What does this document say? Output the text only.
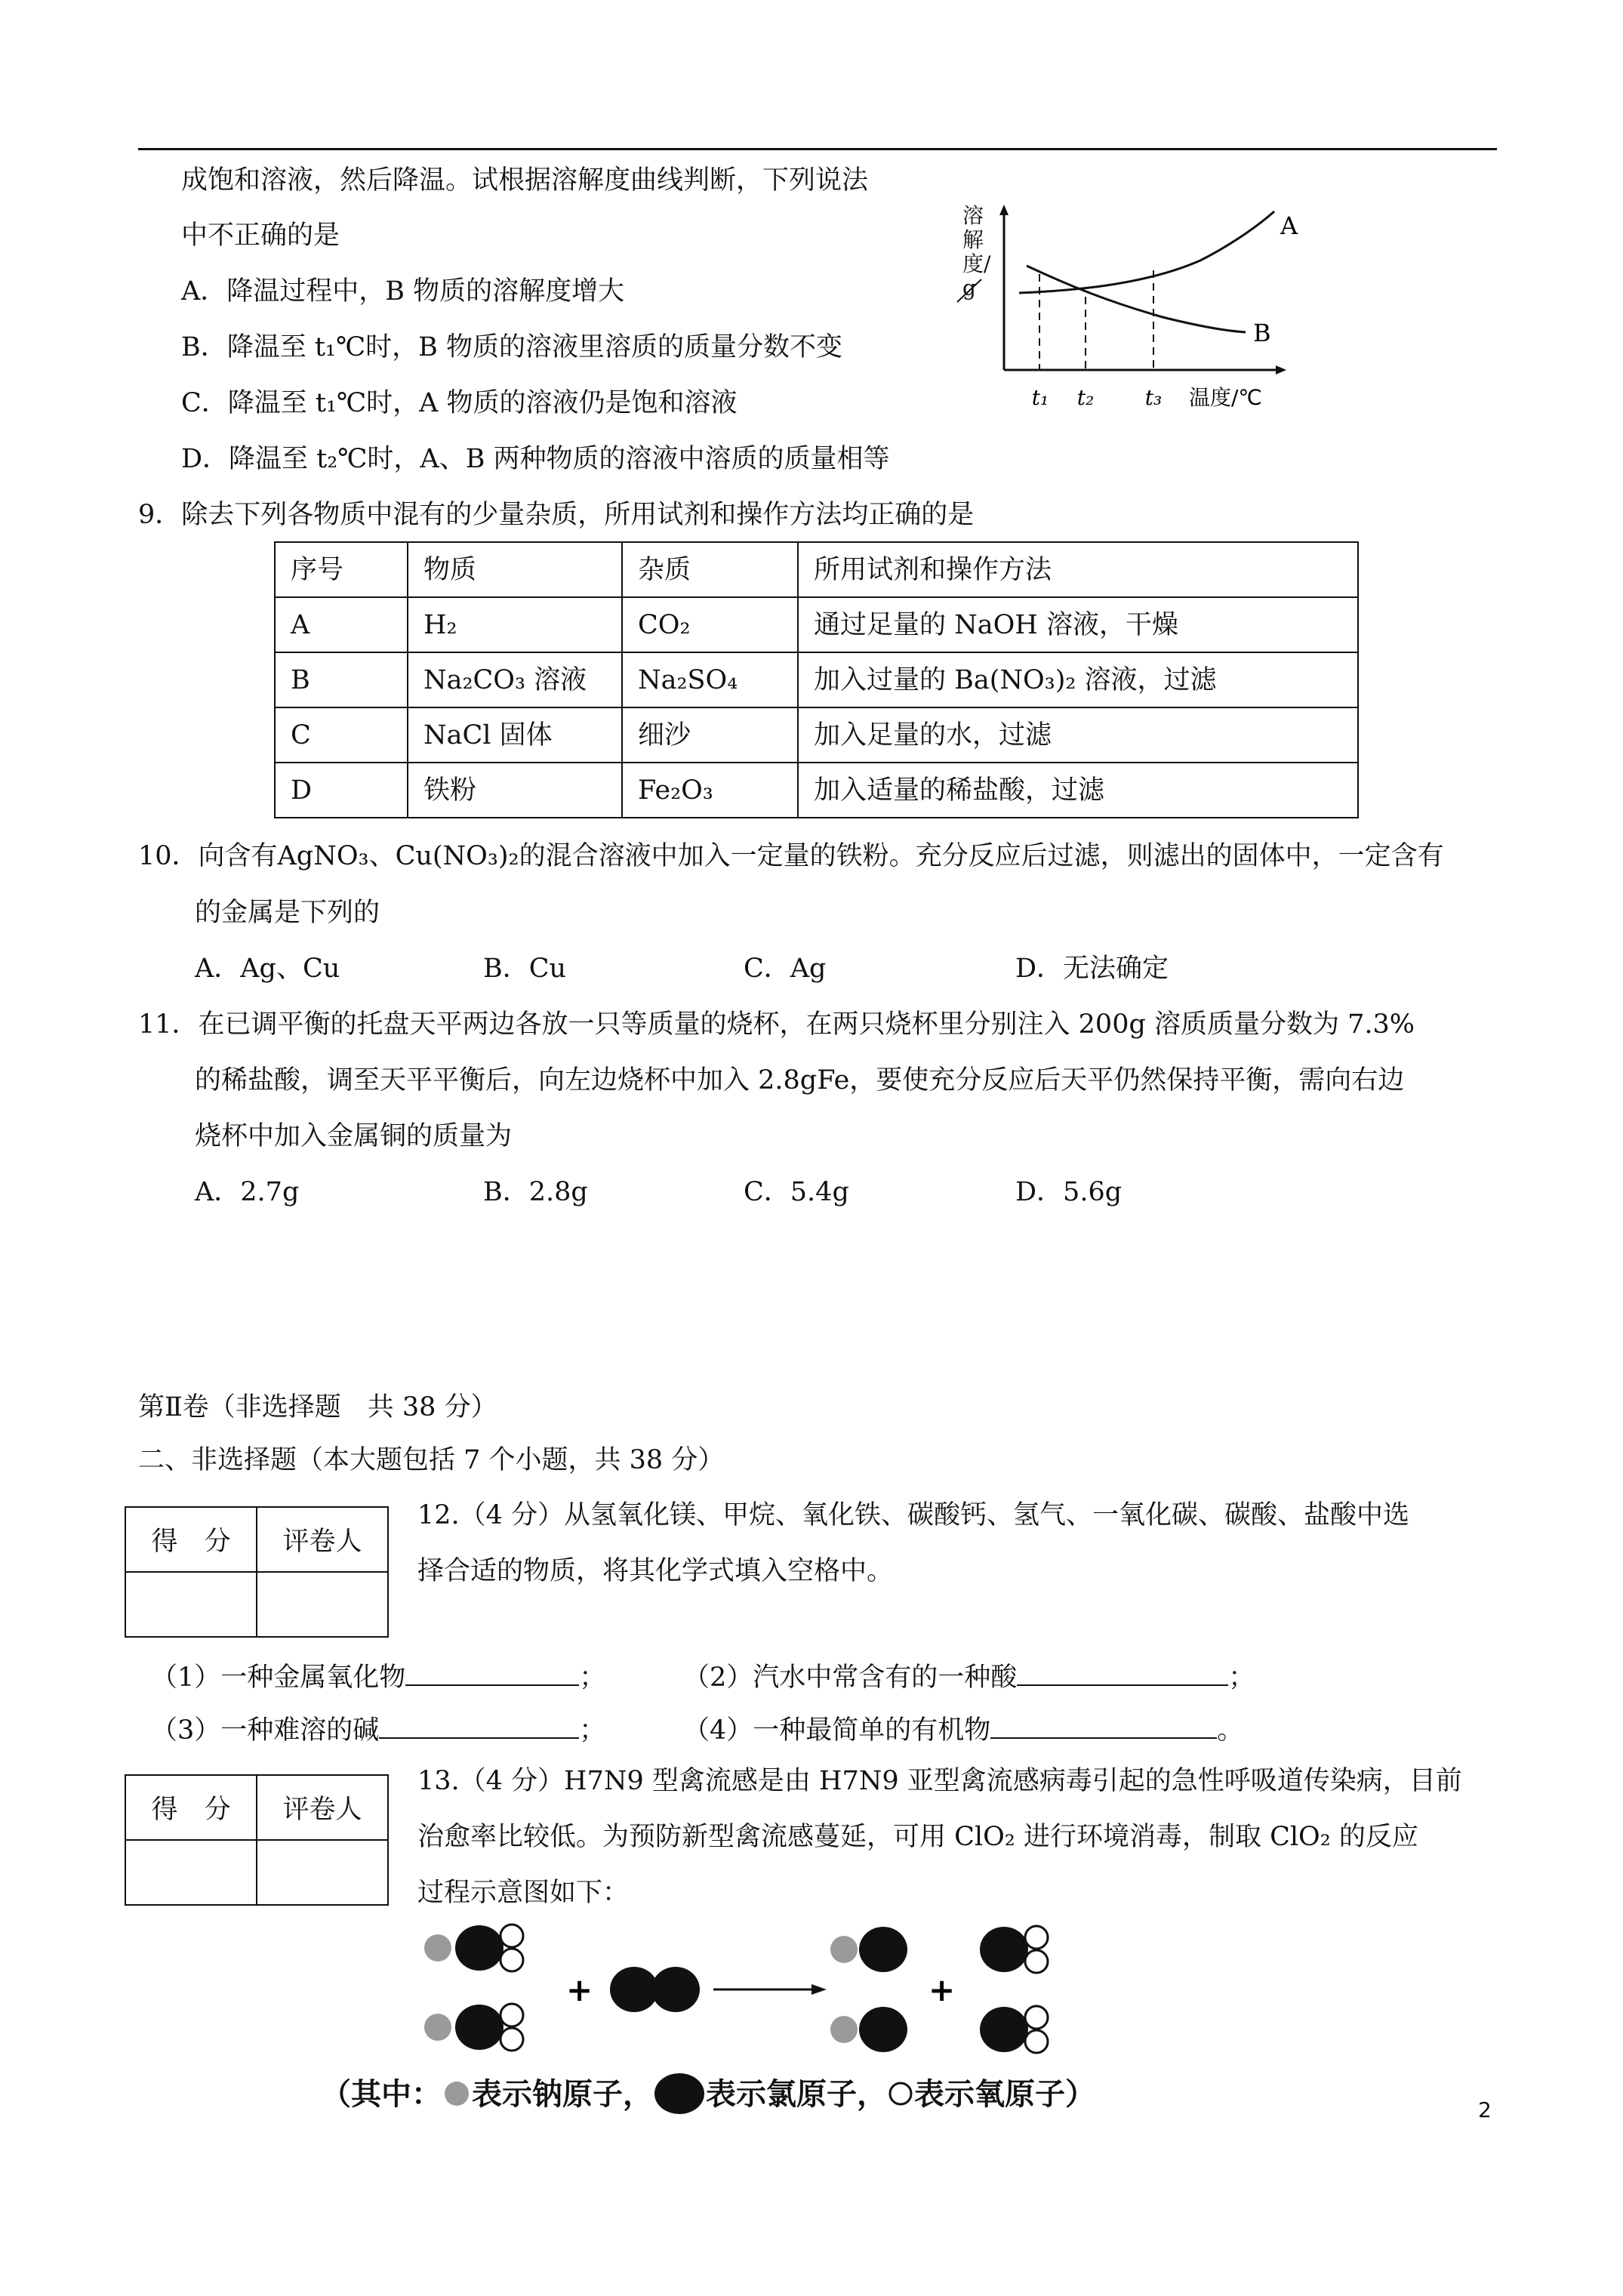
成饱和溶液，然后降温。试根据溶解度曲线判断，下列说法
中不正确的是
A．降温过程中，B 物质的溶解度增大
B．降温至 t₁℃时，B 物质的溶液里溶质的质量分数不变
C．降温至 t₁℃时，A 物质的溶液仍是饱和溶液
D．降温至 t₂℃时，A、B 两种物质的溶液中溶质的质量相等
A
B
t₁ t₂ t₃ 温度/℃
溶解度/g
9．除去下列各物质中混有的少量杂质，所用试剂和操作方法均正确的是
序号	物质	杂质	所用试剂和操作方法
A	H₂	CO₂	通过足量的 NaOH 溶液，干燥
B	Na₂CO₃ 溶液	Na₂SO₄	加入过量的 Ba(NO₃)₂ 溶液，过滤
C	NaCl 固体	细沙	加入足量的水，过滤
D	铁粉	Fe₂O₃	加入适量的稀盐酸，过滤
10．向含有AgNO₃、Cu(NO₃)₂的混合溶液中加入一定量的铁粉。充分反应后过滤，则滤出的固体中，一定含有
的金属是下列的
A．Ag、Cu	B．Cu	C．Ag	D．无法确定
11．在已调平衡的托盘天平两边各放一只等质量的烧杯，在两只烧杯里分别注入 200g 溶质质量分数为 7.3%
的稀盐酸，调至天平平衡后，向左边烧杯中加入 2.8gFe，要使充分反应后天平仍然保持平衡，需向右边
烧杯中加入金属铜的质量为
A．2.7g	B．2.8g	C．5.4g	D．5.6g
第Ⅱ卷（非选择题　共 38 分）
二、非选择题（本大题包括 7 个小题，共 38 分）
得　分	评卷人

12.（4 分）从氢氧化镁、甲烷、氧化铁、碳酸钙、氢气、一氧化碳、碳酸、盐酸中选
择合适的物质，将其化学式填入空格中。
（1）一种金属氧化物	；	（2）汽水中常含有的一种酸	；
（3）一种难溶的碱	；	（4）一种最简单的有机物	。
得　分	评卷人

13.（4 分）H7N9 型禽流感是由 H7N9 亚型禽流感病毒引起的急性呼吸道传染病，目前
治愈率比较低。为预防新型禽流感蔓延，可用 ClO₂ 进行环境消毒，制取 ClO₂ 的反应
过程示意图如下：
+	+
（其中： 表示钠原子， 表示氯原子， 表示氧原子）	2
